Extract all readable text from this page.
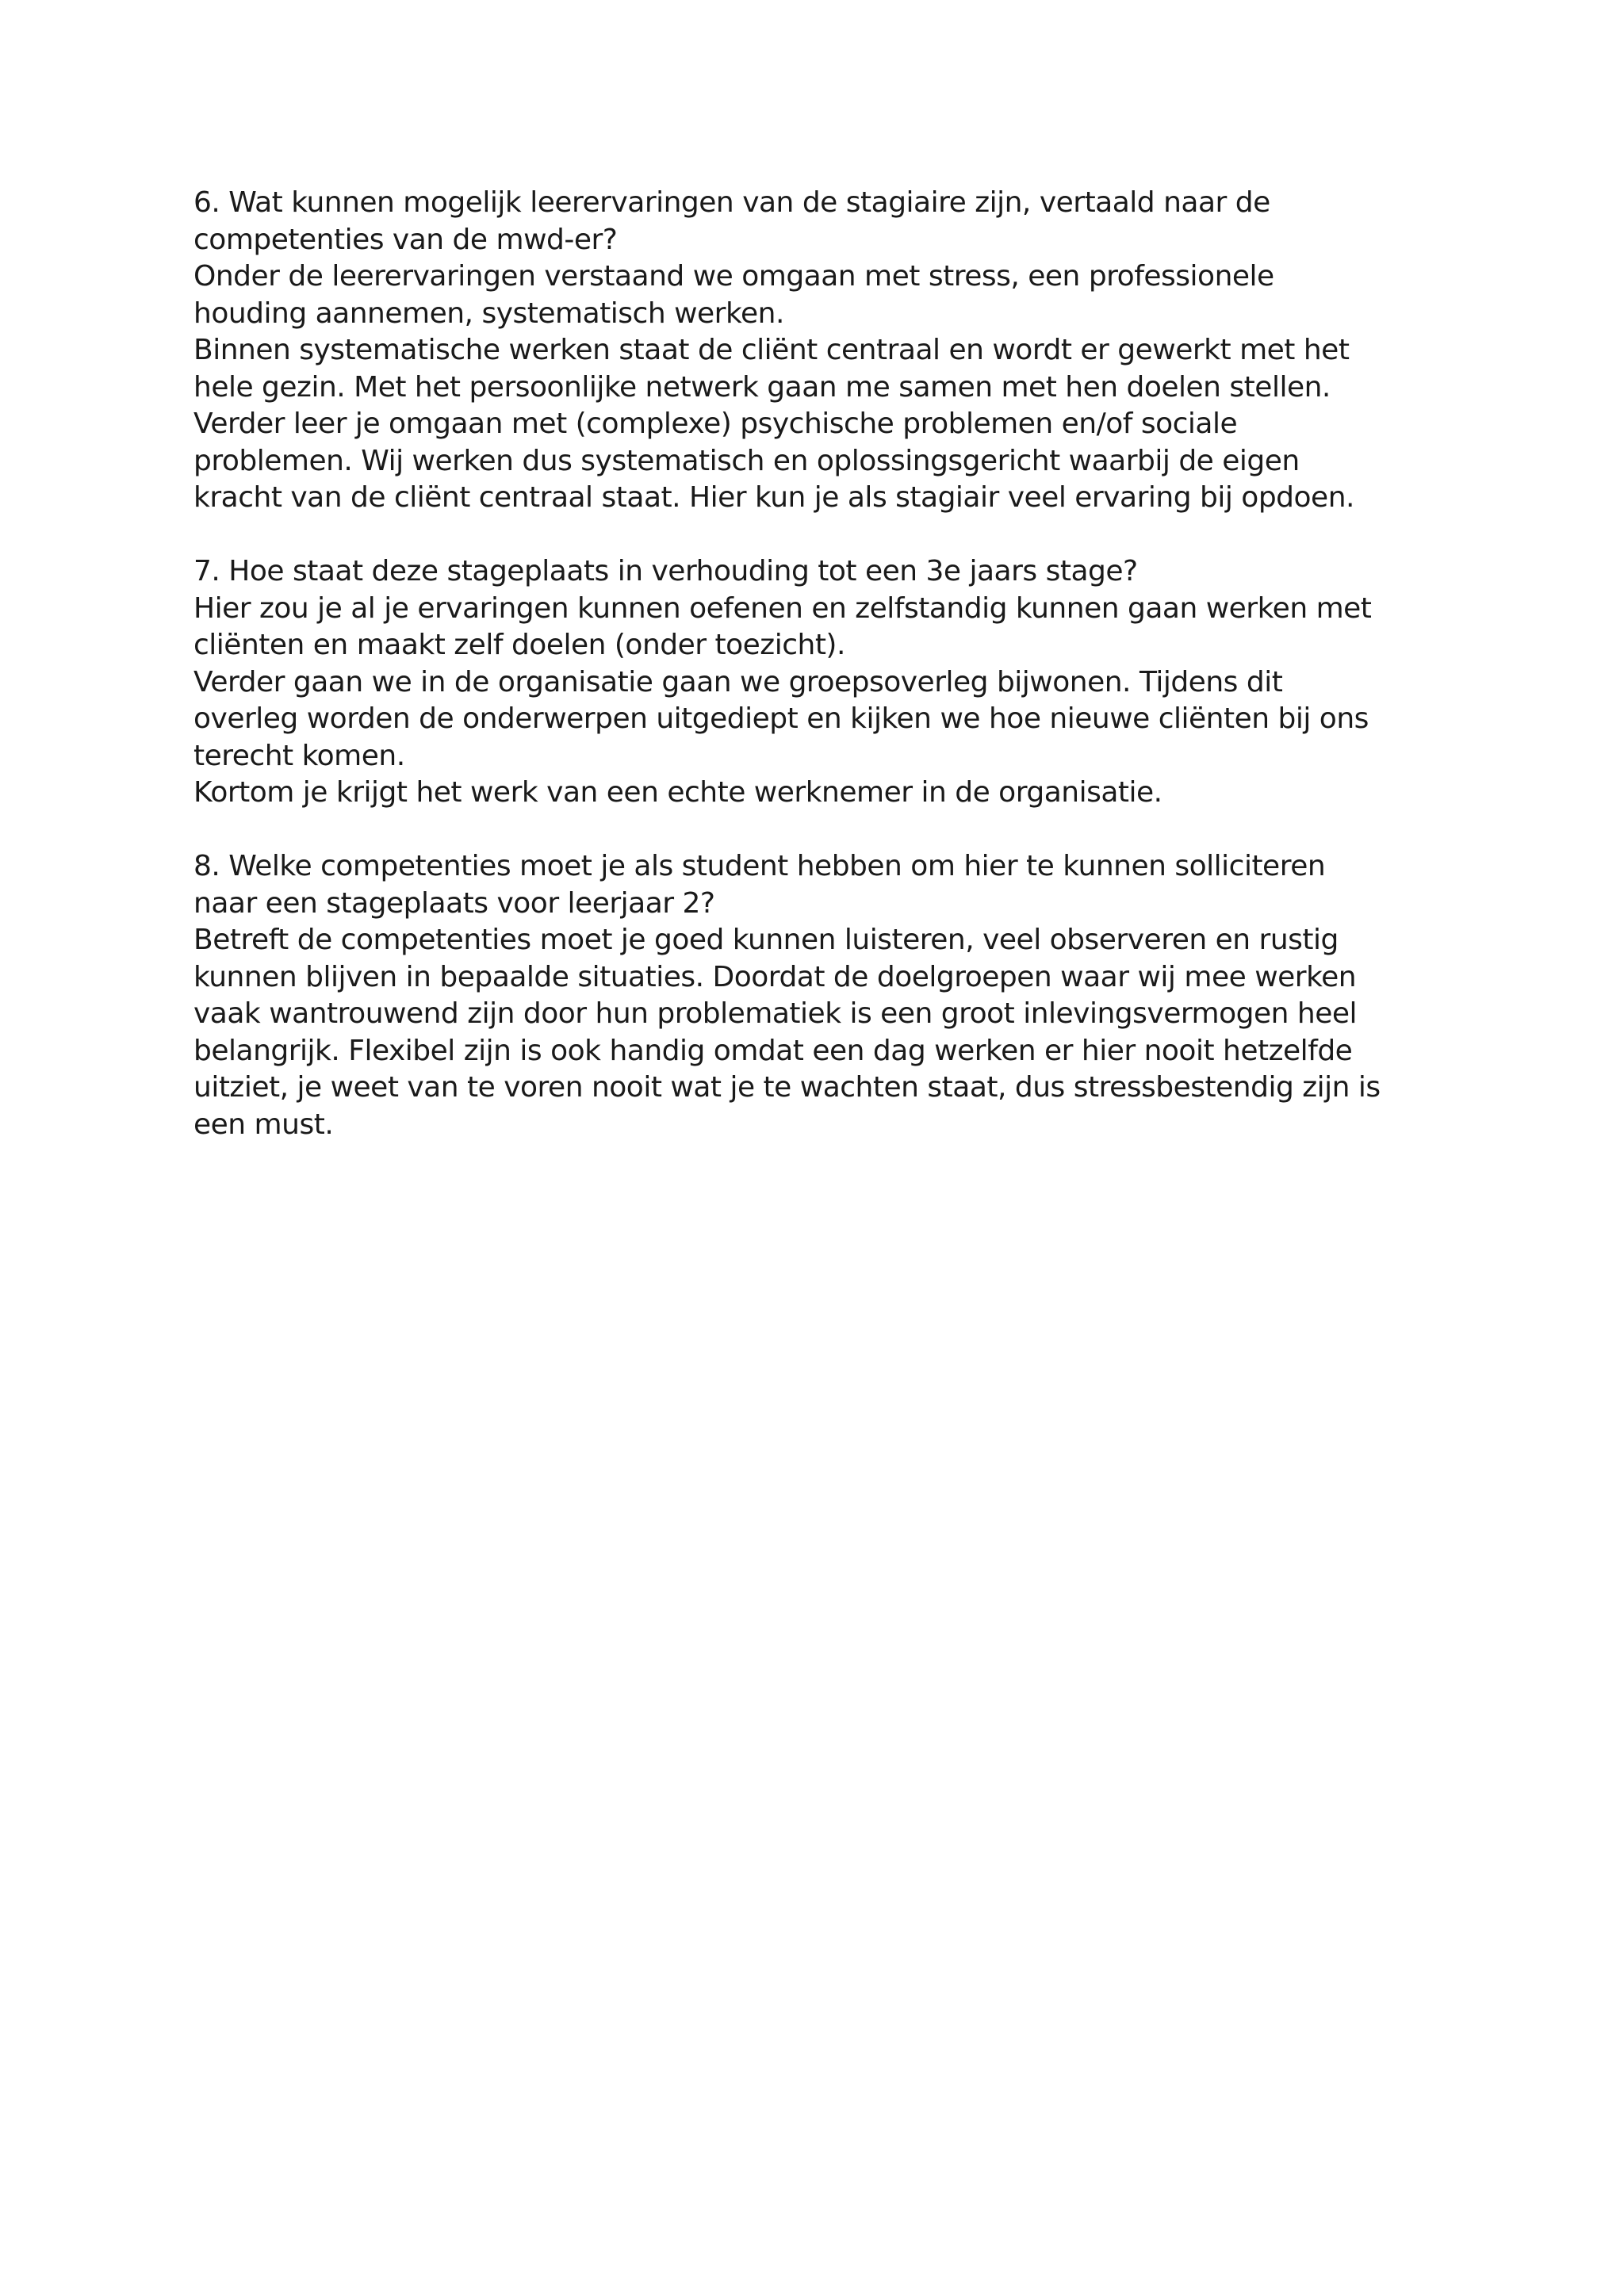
6. Wat kunnen mogelijk leerervaringen van de stagiaire zijn, vertaald naar de
competenties van de mwd-er?
Onder de leerervaringen verstaand we omgaan met stress, een professionele
houding aannemen, systematisch werken.
Binnen systematische werken staat de cliënt centraal en wordt er gewerkt met het
hele gezin. Met het persoonlijke netwerk gaan me samen met hen doelen stellen.
Verder leer je omgaan met (complexe) psychische problemen en/of sociale
problemen. Wij werken dus systematisch en oplossingsgericht waarbij de eigen
kracht van de cliënt centraal staat. Hier kun je als stagiair veel ervaring bij opdoen.
7. Hoe staat deze stageplaats in verhouding tot een 3e jaars stage?
Hier zou je al je ervaringen kunnen oefenen en zelfstandig kunnen gaan werken met
cliënten en maakt zelf doelen (onder toezicht).
Verder gaan we in de organisatie gaan we groepsoverleg bijwonen. Tijdens dit
overleg worden de onderwerpen uitgediept en kijken we hoe nieuwe cliënten bij ons
terecht komen.
Kortom je krijgt het werk van een echte werknemer in de organisatie.
8. Welke competenties moet je als student hebben om hier te kunnen solliciteren
naar een stageplaats voor leerjaar 2?
Betreft de competenties moet je goed kunnen luisteren, veel observeren en rustig
kunnen blijven in bepaalde situaties. Doordat de doelgroepen waar wij mee werken
vaak wantrouwend zijn door hun problematiek is een groot inlevingsvermogen heel
belangrijk. Flexibel zijn is ook handig omdat een dag werken er hier nooit hetzelfde
uitziet, je weet van te voren nooit wat je te wachten staat, dus stressbestendig zijn is
een must.
